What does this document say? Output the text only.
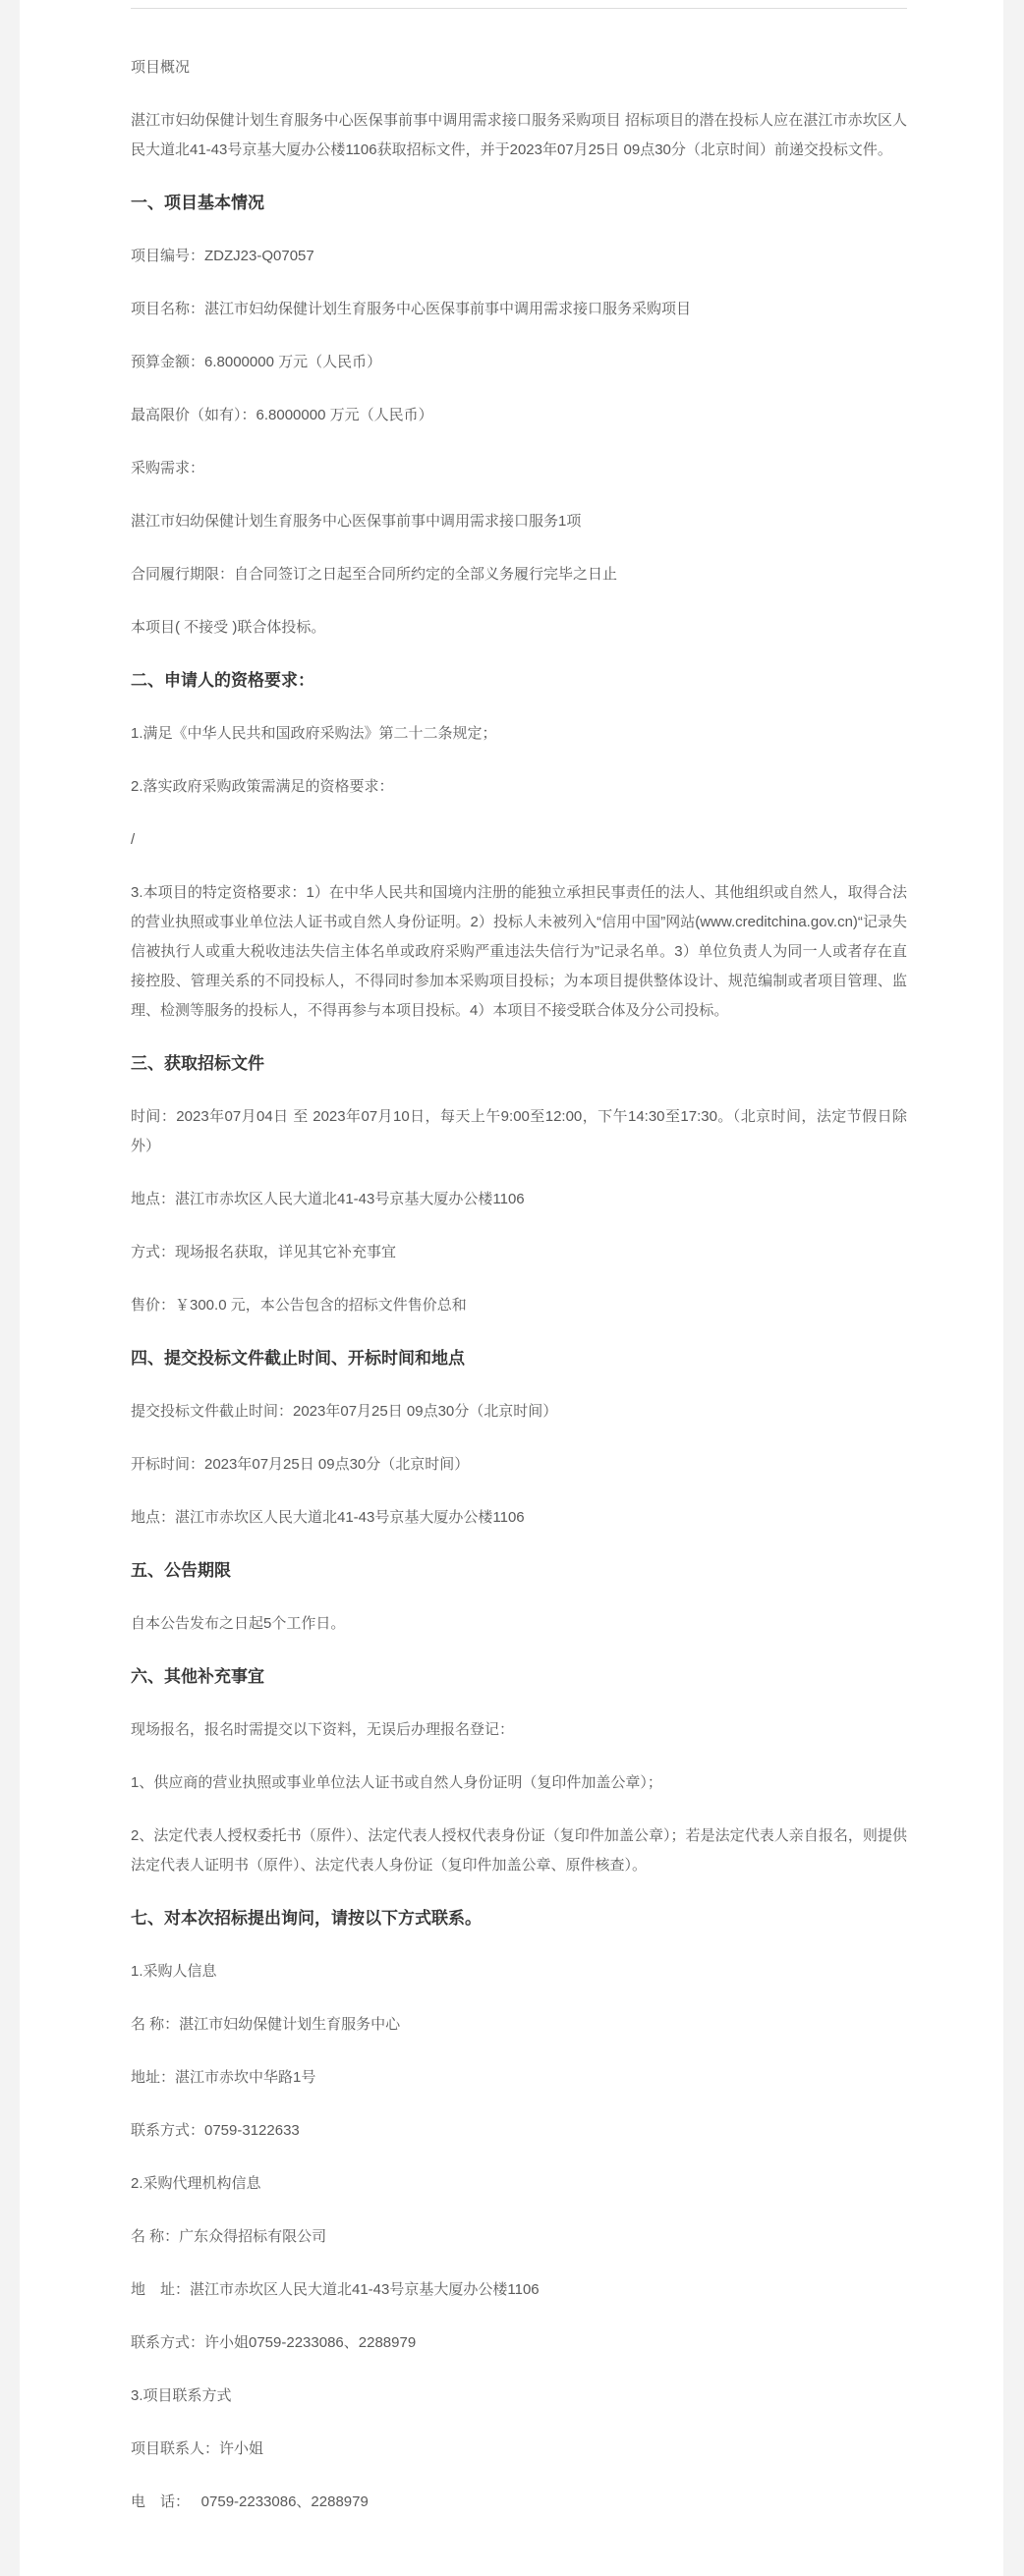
项目概况

湛江市妇幼保健计划生育服务中心医保事前事中调用需求接口服务采购项目 招标项目的潜在投标人应在湛江市赤坎区人民大道北41-43号京基大厦办公楼1106获取招标文件，并于2023年07月25日 09点30分（北京时间）前递交投标文件。

一、项目基本情况

项目编号：ZDZJ23-Q07057

项目名称：湛江市妇幼保健计划生育服务中心医保事前事中调用需求接口服务采购项目

预算金额：6.8000000 万元（人民币）

最高限价（如有）：6.8000000 万元（人民币）

采购需求：

湛江市妇幼保健计划生育服务中心医保事前事中调用需求接口服务1项

合同履行期限：自合同签订之日起至合同所约定的全部义务履行完毕之日止

本项目( 不接受 )联合体投标。

二、申请人的资格要求：

1.满足《中华人民共和国政府采购法》第二十二条规定；

2.落实政府采购政策需满足的资格要求：

/

3.本项目的特定资格要求：1）在中华人民共和国境内注册的能独立承担民事责任的法人、其他组织或自然人，取得合法的营业执照或事业单位法人证书或自然人身份证明。2）投标人未被列入“信用中国”网站(www.creditchina.gov.cn)“记录失信被执行人或重大税收违法失信主体名单或政府采购严重违法失信行为”记录名单。3）单位负责人为同一人或者存在直接控股、管理关系的不同投标人，不得同时参加本采购项目投标；为本项目提供整体设计、规范编制或者项目管理、监理、检测等服务的投标人，不得再参与本项目投标。4）本项目不接受联合体及分公司投标。

三、获取招标文件

时间：2023年07月04日 至 2023年07月10日，每天上午9:00至12:00，下午14:30至17:30。（北京时间，法定节假日除外）

地点：湛江市赤坎区人民大道北41-43号京基大厦办公楼1106

方式：现场报名获取，详见其它补充事宜

售价：￥300.0 元，本公告包含的招标文件售价总和

四、提交投标文件截止时间、开标时间和地点

提交投标文件截止时间：2023年07月25日 09点30分（北京时间）

开标时间：2023年07月25日 09点30分（北京时间）

地点：湛江市赤坎区人民大道北41-43号京基大厦办公楼1106

五、公告期限

自本公告发布之日起5个工作日。

六、其他补充事宜

现场报名，报名时需提交以下资料，无误后办理报名登记：

1、供应商的营业执照或事业单位法人证书或自然人身份证明（复印件加盖公章）；

2、法定代表人授权委托书（原件）、法定代表人授权代表身份证（复印件加盖公章）；若是法定代表人亲自报名，则提供法定代表人证明书（原件）、法定代表人身份证（复印件加盖公章、原件核查）。

七、对本次招标提出询问，请按以下方式联系。

1.采购人信息

名 称：湛江市妇幼保健计划生育服务中心

地址：湛江市赤坎中华路1号

联系方式：0759-3122633

2.采购代理机构信息

名 称：广东众得招标有限公司

地　址：湛江市赤坎区人民大道北41-43号京基大厦办公楼1106

联系方式：许小姐0759-2233086、2288979

3.项目联系方式

项目联系人：许小姐

电　话：　 0759-2233086、2288979
